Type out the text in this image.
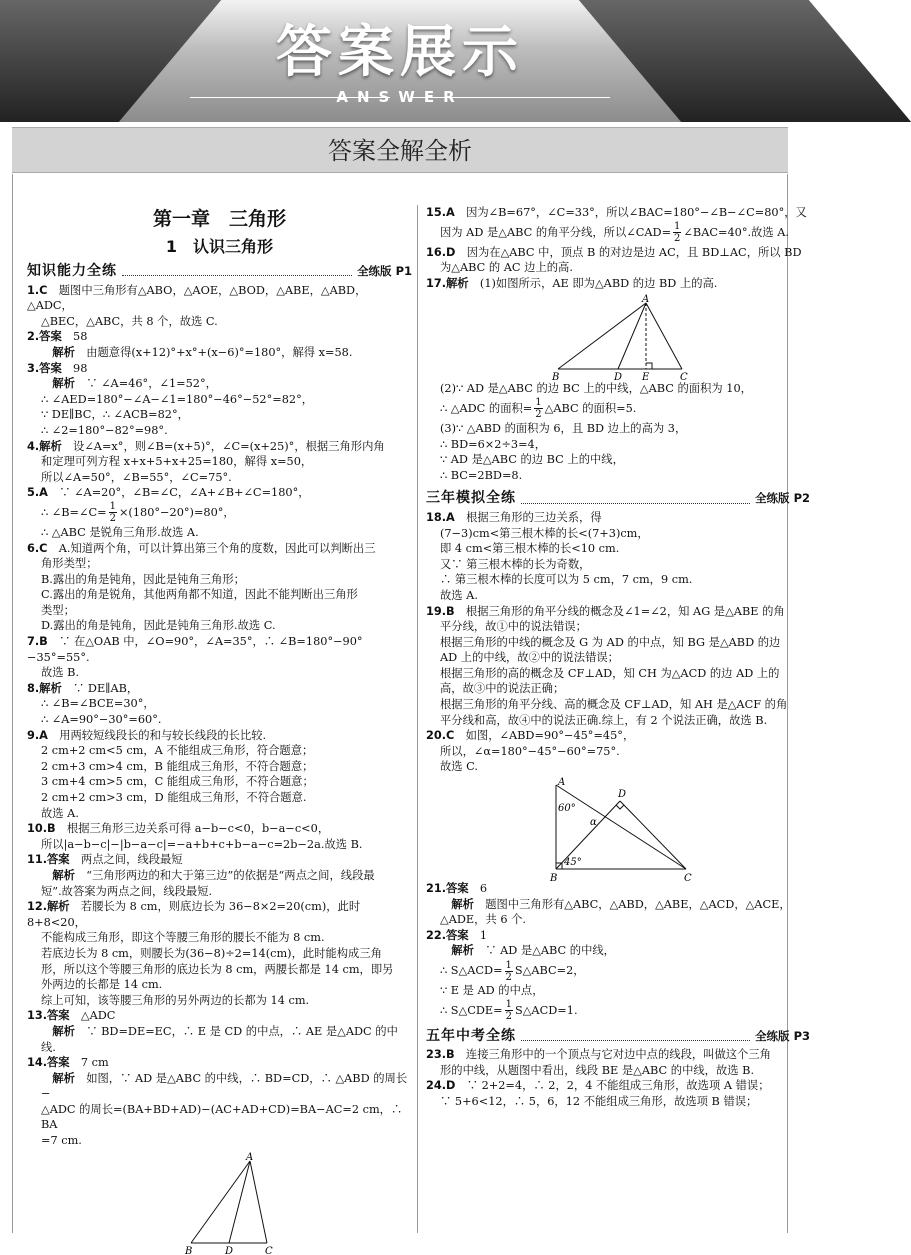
答案展示
ANSWER
答案全解全析
第一章　三角形
1　认识三角形
知识能力全练	全练版 P1

1.C　题图中三角形有△ABO，△AOE，△BOD，△ABE，△ABD，△ADC，

△BEC，△ABC，共 8 个，故选 C.

2.答案　58

　解析　由题意得(x+12)°+x°+(x−6)°=180°，解得 x=58.

3.答案　98

　解析　∵ ∠A=46°，∠1=52°，

∴ ∠AED=180°−∠A−∠1=180°−46°−52°=82°，

∵ DE∥BC，∴ ∠ACB=82°，

∴ ∠2=180°−82°=98°.

4.解析　设∠A=x°，则∠B=(x+5)°，∠C=(x+25)°，根据三角形内角

和定理可列方程 x+x+5+x+25=180，解得 x=50，

所以∠A=50°，∠B=55°，∠C=75°.

5.A　∵ ∠A=20°，∠B=∠C，∠A+∠B+∠C=180°，

∴ ∠B=∠C= $\frac{1}{2} \times(180^\circ-20^\circ)=80^\circ$，

∴ △ABC 是锐角三角形.故选 A.

6.C　A.知道两个角，可以计算出第三个角的度数，因此可以判断出三

角形类型；

B.露出的角是钝角，因此是钝角三角形；

C.露出的角是锐角，其他两角都不知道，因此不能判断出三角形

类型；

D.露出的角是钝角，因此是钝角三角形.故选 C.

7.B　∵ 在△OAB 中，∠O=90°，∠A=35°，∴ ∠B=180°−90°−35°=55°.

故选 B.

8.解析　∵ DE∥AB，

∴ ∠B=∠BCE=30°，

∴ ∠A=90°−30°=60°.

9.A　用两较短线段长的和与较长线段的长比较.

2 cm+2 cm<5 cm，A 不能组成三角形，符合题意；

2 cm+3 cm>4 cm，B 能组成三角形，不符合题意；

3 cm+4 cm>5 cm，C 能组成三角形，不符合题意；

2 cm+2 cm>3 cm，D 能组成三角形，不符合题意.

故选 A.

10.B　根据三角形三边关系可得 a−b−c<0，b−a−c<0，

所以|a−b−c|−|b−a−c|=−a+b+c+b−a−c=2b−2a.故选 B.

11.答案　两点之间，线段最短

　解析　“三角形两边的和大于第三边”的依据是“两点之间，线段最

短”.故答案为两点之间，线段最短.

12.解析　若腰长为 8 cm，则底边长为 36−8×2=20(cm)，此时 8+8<20，

不能构成三角形，即这个等腰三角形的腰长不能为 8 cm.

若底边长为 8 cm，则腰长为(36−8)÷2=14(cm)，此时能构成三角

形，所以这个等腰三角形的底边长为 8 cm，两腰长都是 14 cm，即另

外两边的长都是 14 cm.

综上可知，该等腰三角形的另外两边的长都为 14 cm.

13.答案　△ADC

　解析　∵ BD=DE=EC，∴ E 是 CD 的中点，∴ AE 是△ADC 的中线.

14.答案　7 cm

　解析　如图，∵ AD 是△ABC 的中线，∴ BD=CD，∴ △ABD 的周长−

△ADC 的周长=(BA+BD+AD)−(AC+AD+CD)=BA−AC=2 cm，∴ BA

=7 cm.

A
B	D	C

15.A　因为∠B=67°，∠C=33°，所以∠BAC=180°−∠B−∠C=80°，又

因为 AD 是△ABC 的角平分线，所以∠CAD= $\frac{1}{2}$ ∠BAC=40°.故选 A.

16.D　因为在△ABC 中，顶点 B 的对边是边 AC，且 BD⊥AC，所以 BD

为△ABC 的 AC 边上的高.

17.解析　(1)如图所示，AE 即为△ABD 的边 BD 上的高.

A
B	D E	C

(2)∵ AD 是△ABC 的边 BC 上的中线，△ABC 的面积为 10，

∴ △ADC 的面积= $\frac{1}{2}$ △ABC 的面积=5.

(3)∵ △ABD 的面积为 6，且 BD 边上的高为 3，

∴ BD=6×2÷3=4，

∵ AD 是△ABC 的边 BC 上的中线，

∴ BC=2BD=8.

三年模拟全练	全练版 P2

18.A　根据三角形的三边关系，得

(7−3)cm<第三根木棒的长<(7+3)cm，

即 4 cm<第三根木棒的长<10 cm.

又∵ 第三根木棒的长为奇数，

∴ 第三根木棒的长度可以为 5 cm，7 cm，9 cm.

故选 A.

19.B　根据三角形的角平分线的概念及∠1=∠2，知 AG 是△ABE 的角

平分线，故①中的说法错误；

根据三角形的中线的概念及 G 为 AD 的中点，知 BG 是△ABD 的边

AD 上的中线，故②中的说法错误；

根据三角形的高的概念及 CF⊥AD，知 CH 为△ACD 的边 AD 上的

高，故③中的说法正确；

根据三角形的角平分线、高的概念及 CF⊥AD，知 AH 是△ACF 的角

平分线和高，故④中的说法正确.综上，有 2 个说法正确，故选 B.

20.C　如图，∠ABD=90°−45°=45°，

所以，∠α=180°−45°−60°=75°.

故选 C.

A
D
60°
α
45°
B	C

21.答案　6

　解析　题图中三角形有△ABC，△ABD，△ABE，△ACD，△ACE，

△ADE，共 6 个.

22.答案　1

　解析　∵ AD 是△ABC 的中线，

∴ S△ACD= $\frac{1}{2}$ S△ABC=2，

∵ E 是 AD 的中点，

∴ S△CDE= $\frac{1}{2}$ S△ACD=1.

五年中考全练	全练版 P3

23.B　连接三角形中的一个顶点与它对边中点的线段，叫做这个三角

形的中线，从题图中看出，线段 BE 是△ABC 的中线，故选 B.

24.D　∵ 2+2=4，∴ 2，2，4 不能组成三角形，故选项 A 错误；

∵ 5+6<12，∴ 5，6，12 不能组成三角形，故选项 B 错误；
